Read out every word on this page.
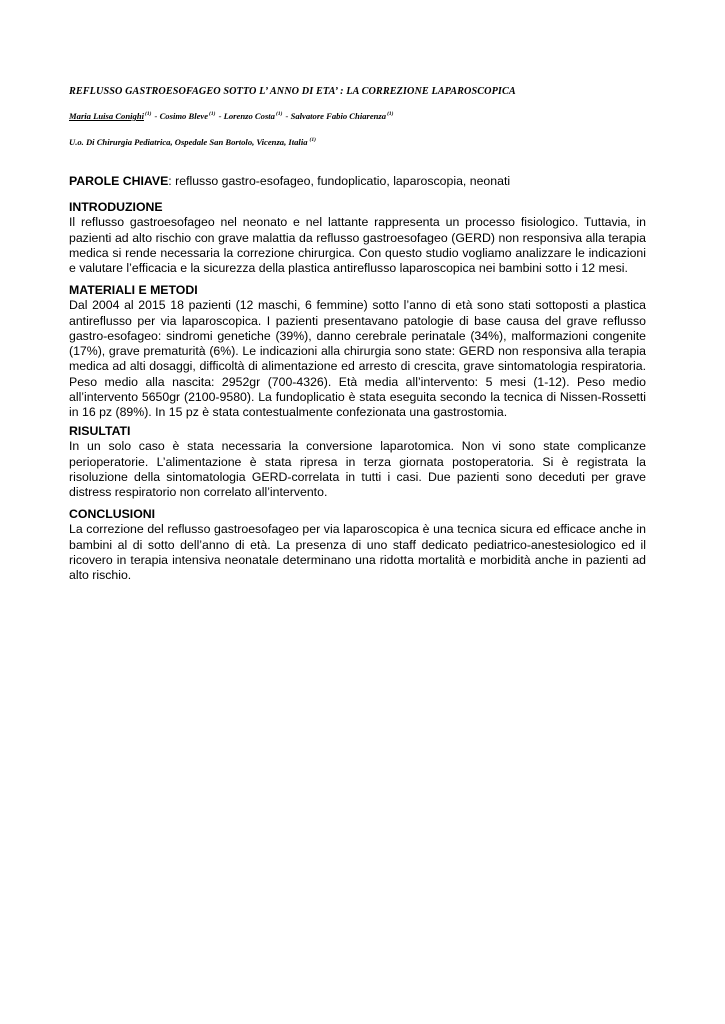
REFLUSSO GASTROESOFAGEO SOTTO L’ ANNO DI ETA’ : LA CORREZIONE LAPAROSCOPICA
Maria Luisa Conighi$^{(1)}$ - Cosimo Bleve$^{(1)}$ - Lorenzo Costa$^{(1)}$ - Salvatore Fabio Chiarenza$^{(1)}$
U.o. Di Chirurgia Pediatrica, Ospedale San Bortolo, Vicenza, Italia $^{(1)}$
PAROLE CHIAVE: reflusso gastro-esofageo, fundoplicatio, laparoscopia, neonati
INTRODUZIONE

Il reflusso gastroesofageo nel neonato e nel lattante rappresenta un processo fisiologico. Tuttavia, in pazienti ad alto rischio con grave malattia da reflusso gastroesofageo (GERD) non responsiva alla terapia medica si rende necessaria la correzione chirurgica. Con questo studio vogliamo analizzare le indicazioni e valutare l’efficacia e la sicurezza della plastica antireflusso laparoscopica nei bambini sotto i 12 mesi.

MATERIALI E METODI

Dal 2004 al 2015 18 pazienti (12 maschi, 6 femmine) sotto l’anno di età sono stati sottoposti a plastica antireflusso per via laparoscopica. I pazienti presentavano patologie di base causa del grave reflusso gastro-esofageo: sindromi genetiche (39%), danno cerebrale perinatale (34%), malformazioni congenite (17%), grave prematurità (6%). Le indicazioni alla chirurgia sono state: GERD non responsiva alla terapia medica ad alti dosaggi, difficoltà di alimentazione ed arresto di crescita, grave sintomatologia respiratoria. Peso medio alla nascita: 2952gr (700-4326). Età media all’intervento: 5 mesi (1-12). Peso medio all’intervento 5650gr (2100-9580). La fundoplicatio è stata eseguita secondo la tecnica di Nissen-Rossetti in 16 pz (89%). In 15 pz è stata contestualmente confezionata una gastrostomia.

RISULTATI

In un solo caso è stata necessaria la conversione laparotomica. Non vi sono state complicanze perioperatorie. L’alimentazione è stata ripresa in terza giornata postoperatoria. Si è registrata la risoluzione della sintomatologia GERD-correlata in tutti i casi. Due pazienti sono deceduti per grave distress respiratorio non correlato all’intervento.

CONCLUSIONI

La correzione del reflusso gastroesofageo per via laparoscopica è una tecnica sicura ed efficace anche in bambini al di sotto dell’anno di età. La presenza di uno staff dedicato pediatrico-anestesiologico ed il ricovero in terapia intensiva neonatale determinano una ridotta mortalità e morbidità anche in pazienti ad alto rischio.
